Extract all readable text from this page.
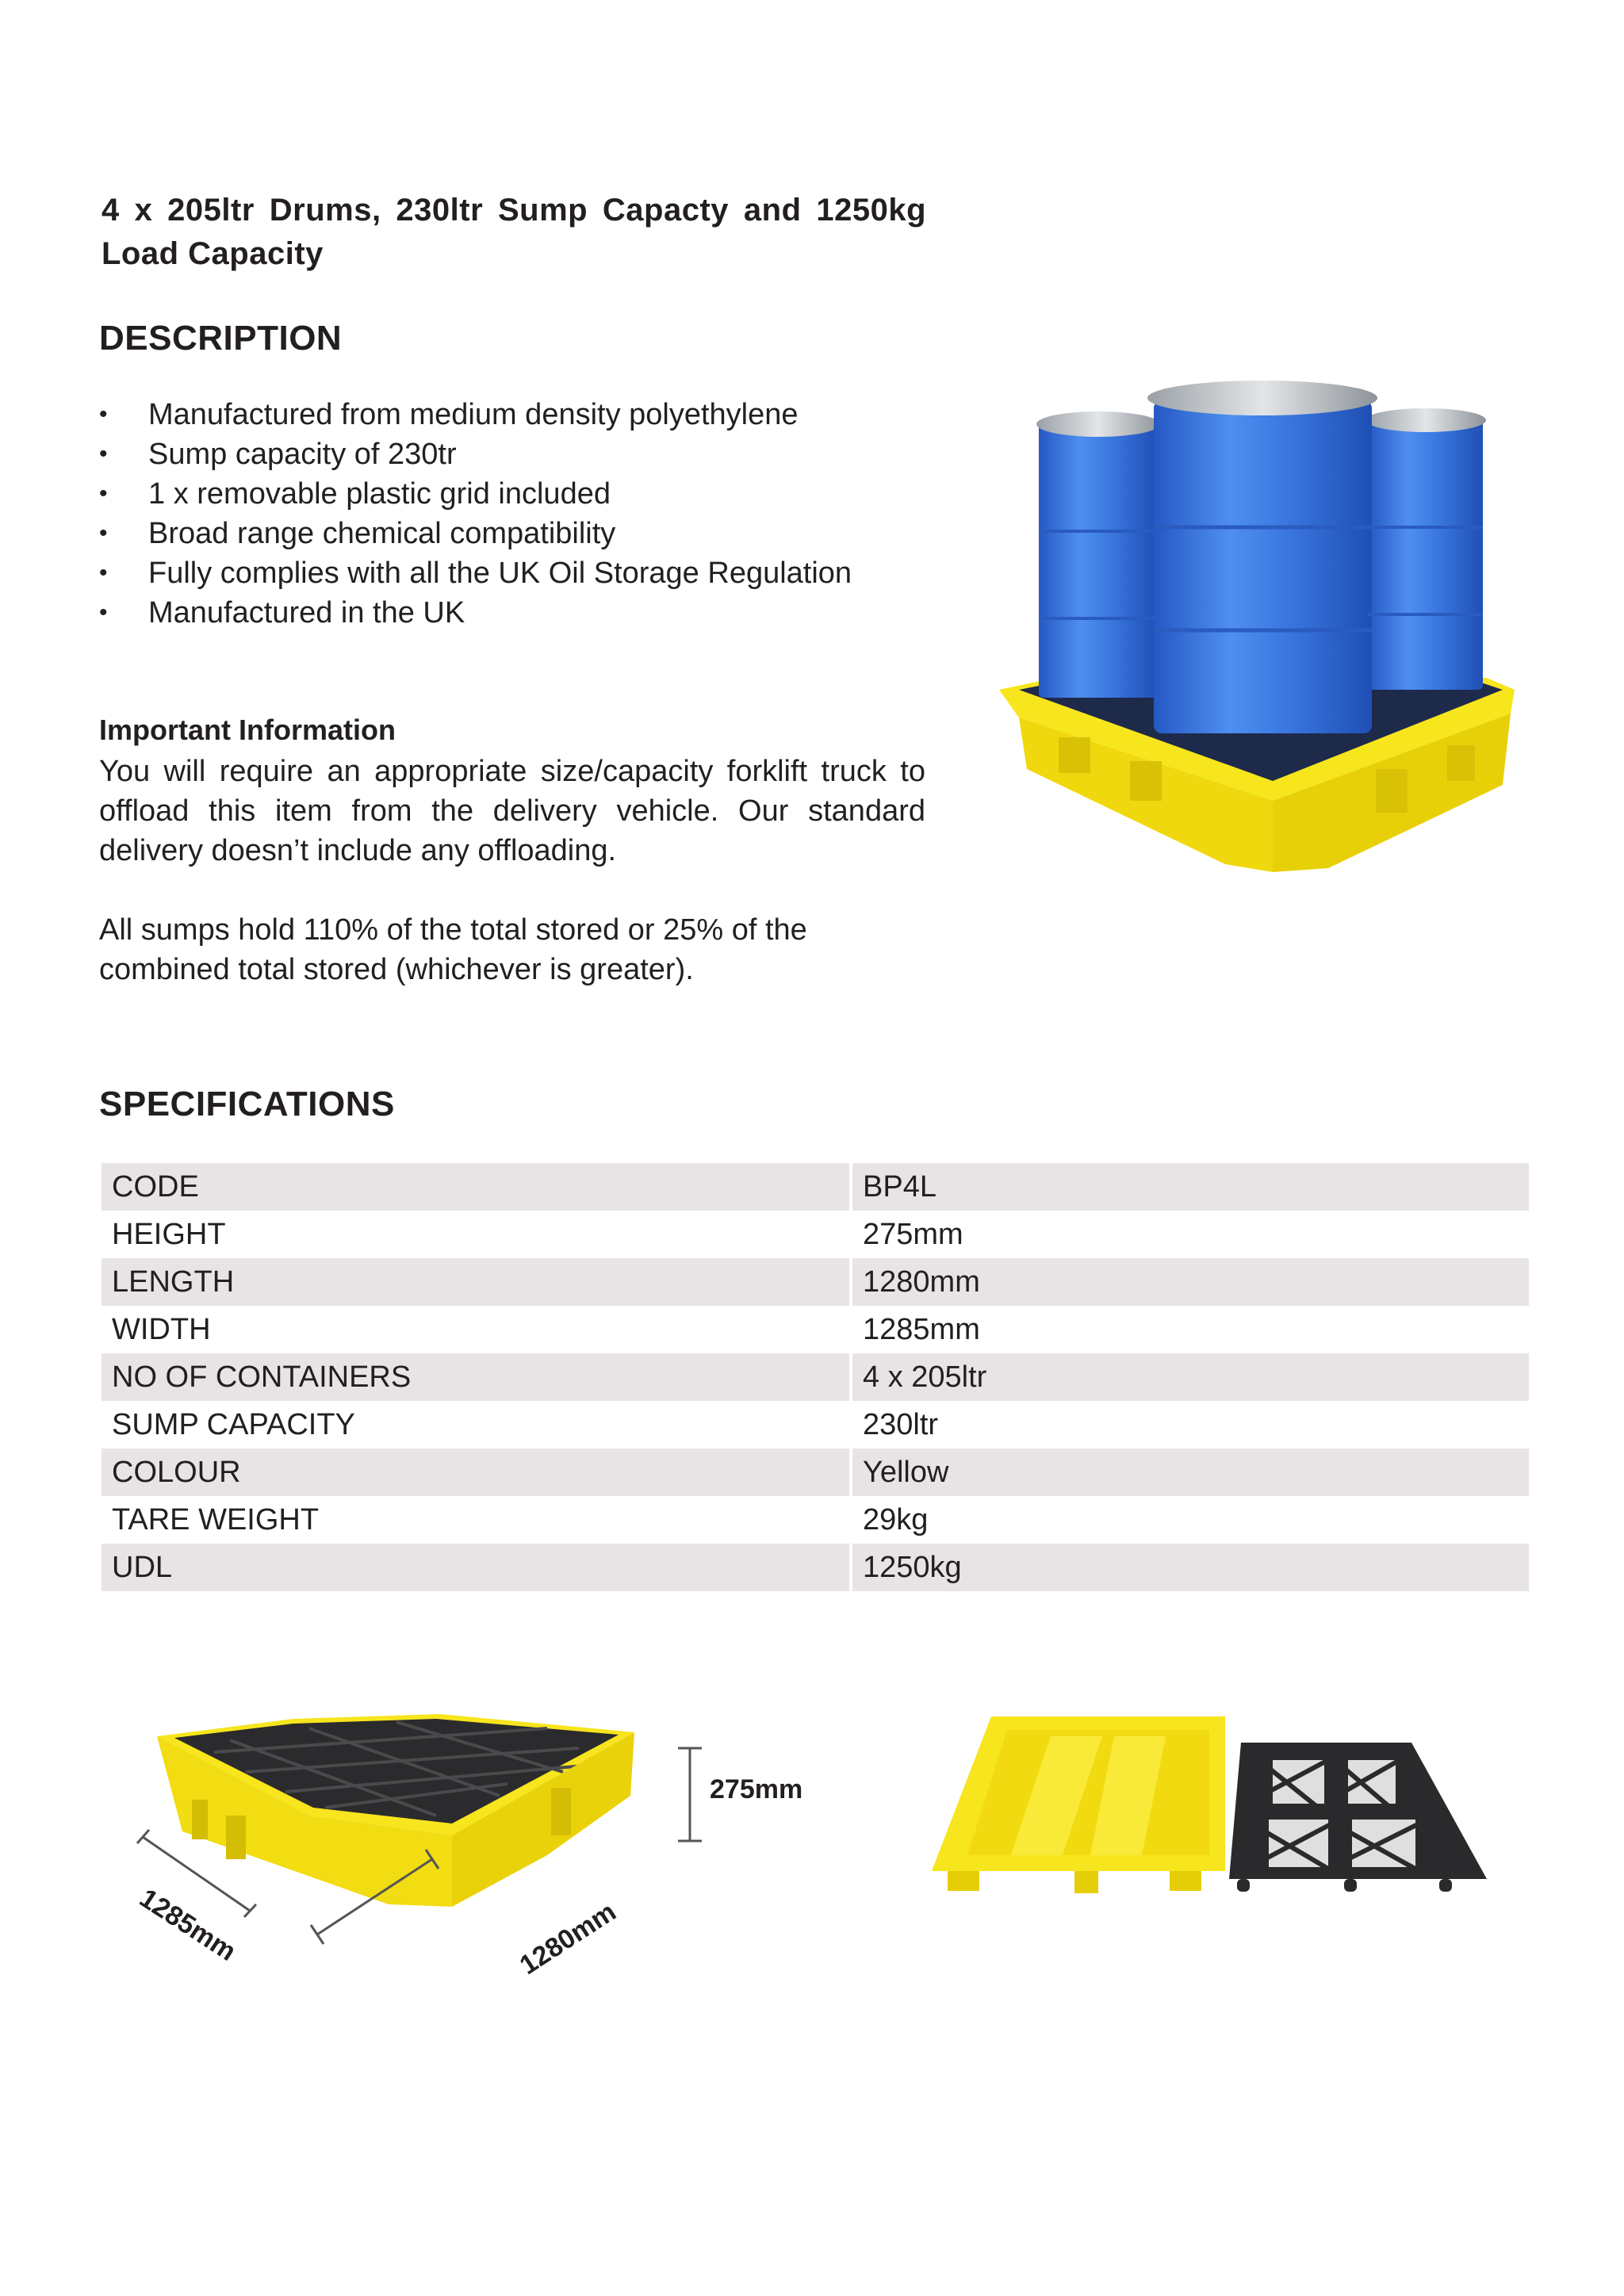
4 x 205ltr Drums, 230ltr Sump Capacty and 1250kg Load Capacity
DESCRIPTION
• Manufactured from medium density polyethylene
• Sump capacity of 230tr
• 1 x removable plastic grid included
• Broad range chemical compatibility
• Fully complies with all the UK Oil Storage Regulation
• Manufactured in the UK
Important Information
You will require an appropriate size/capacity forklift truck to offload this item from the delivery vehicle. Our standard delivery doesn’t include any offloading.
All sumps hold 110% of the total stored or 25% of the combined total stored (whichever is greater).
SPECIFICATIONS
CODE	BP4L
HEIGHT	275mm
LENGTH	1280mm
WIDTH	1285mm
NO OF CONTAINERS	4 x 205ltr
SUMP CAPACITY	230ltr
COLOUR	Yellow
TARE WEIGHT	29kg
UDL	1250kg
275mm
1285mm	1280mm
